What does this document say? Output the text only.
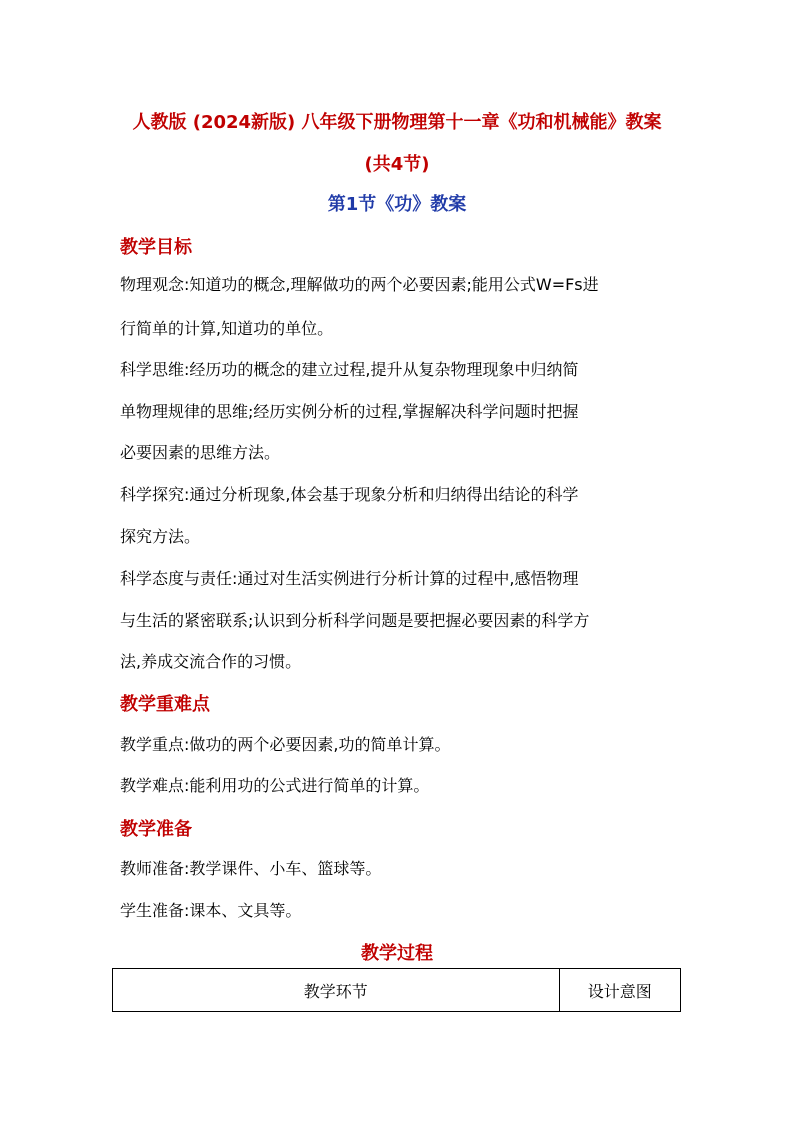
人教版 (2024新版) 八年级下册物理第十一章《功和机械能》教案
(共4节)
第1节《功》教案
教学目标
物理观念:知道功的概念,理解做功的两个必要因素;能用公式W=Fs进
行简单的计算,知道功的单位。
科学思维:经历功的概念的建立过程,提升从复杂物理现象中归纳简
单物理规律的思维;经历实例分析的过程,掌握解决科学问题时把握
必要因素的思维方法。
科学探究:通过分析现象,体会基于现象分析和归纳得出结论的科学
探究方法。
科学态度与责任:通过对生活实例进行分析计算的过程中,感悟物理
与生活的紧密联系;认识到分析科学问题是要把握必要因素的科学方
法,养成交流合作的习惯。
教学重难点
教学重点:做功的两个必要因素,功的简单计算。
教学难点:能利用功的公式进行简单的计算。
教学准备
教师准备:教学课件、小车、篮球等。
学生准备:课本、文具等。
教学过程
教学环节	设计意图
